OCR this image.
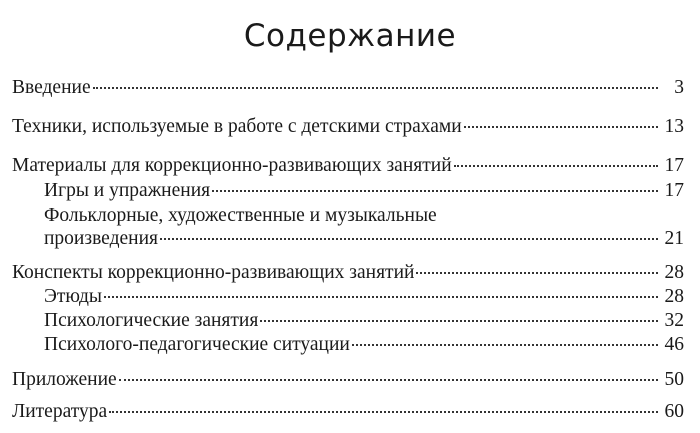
Содержание
Введение	3
Техники, используемые в работе с детскими страхами	13
Материалы для коррекционно-развивающих занятий	17
Игры и упражнения	17
Фольклорные, художественные и музыкальные
произведения	21
Конспекты коррекционно-развивающих занятий	28
Этюды	28
Психологические занятия	32
Психолого-педагогические ситуации	46
Приложение	50
Литература	60
